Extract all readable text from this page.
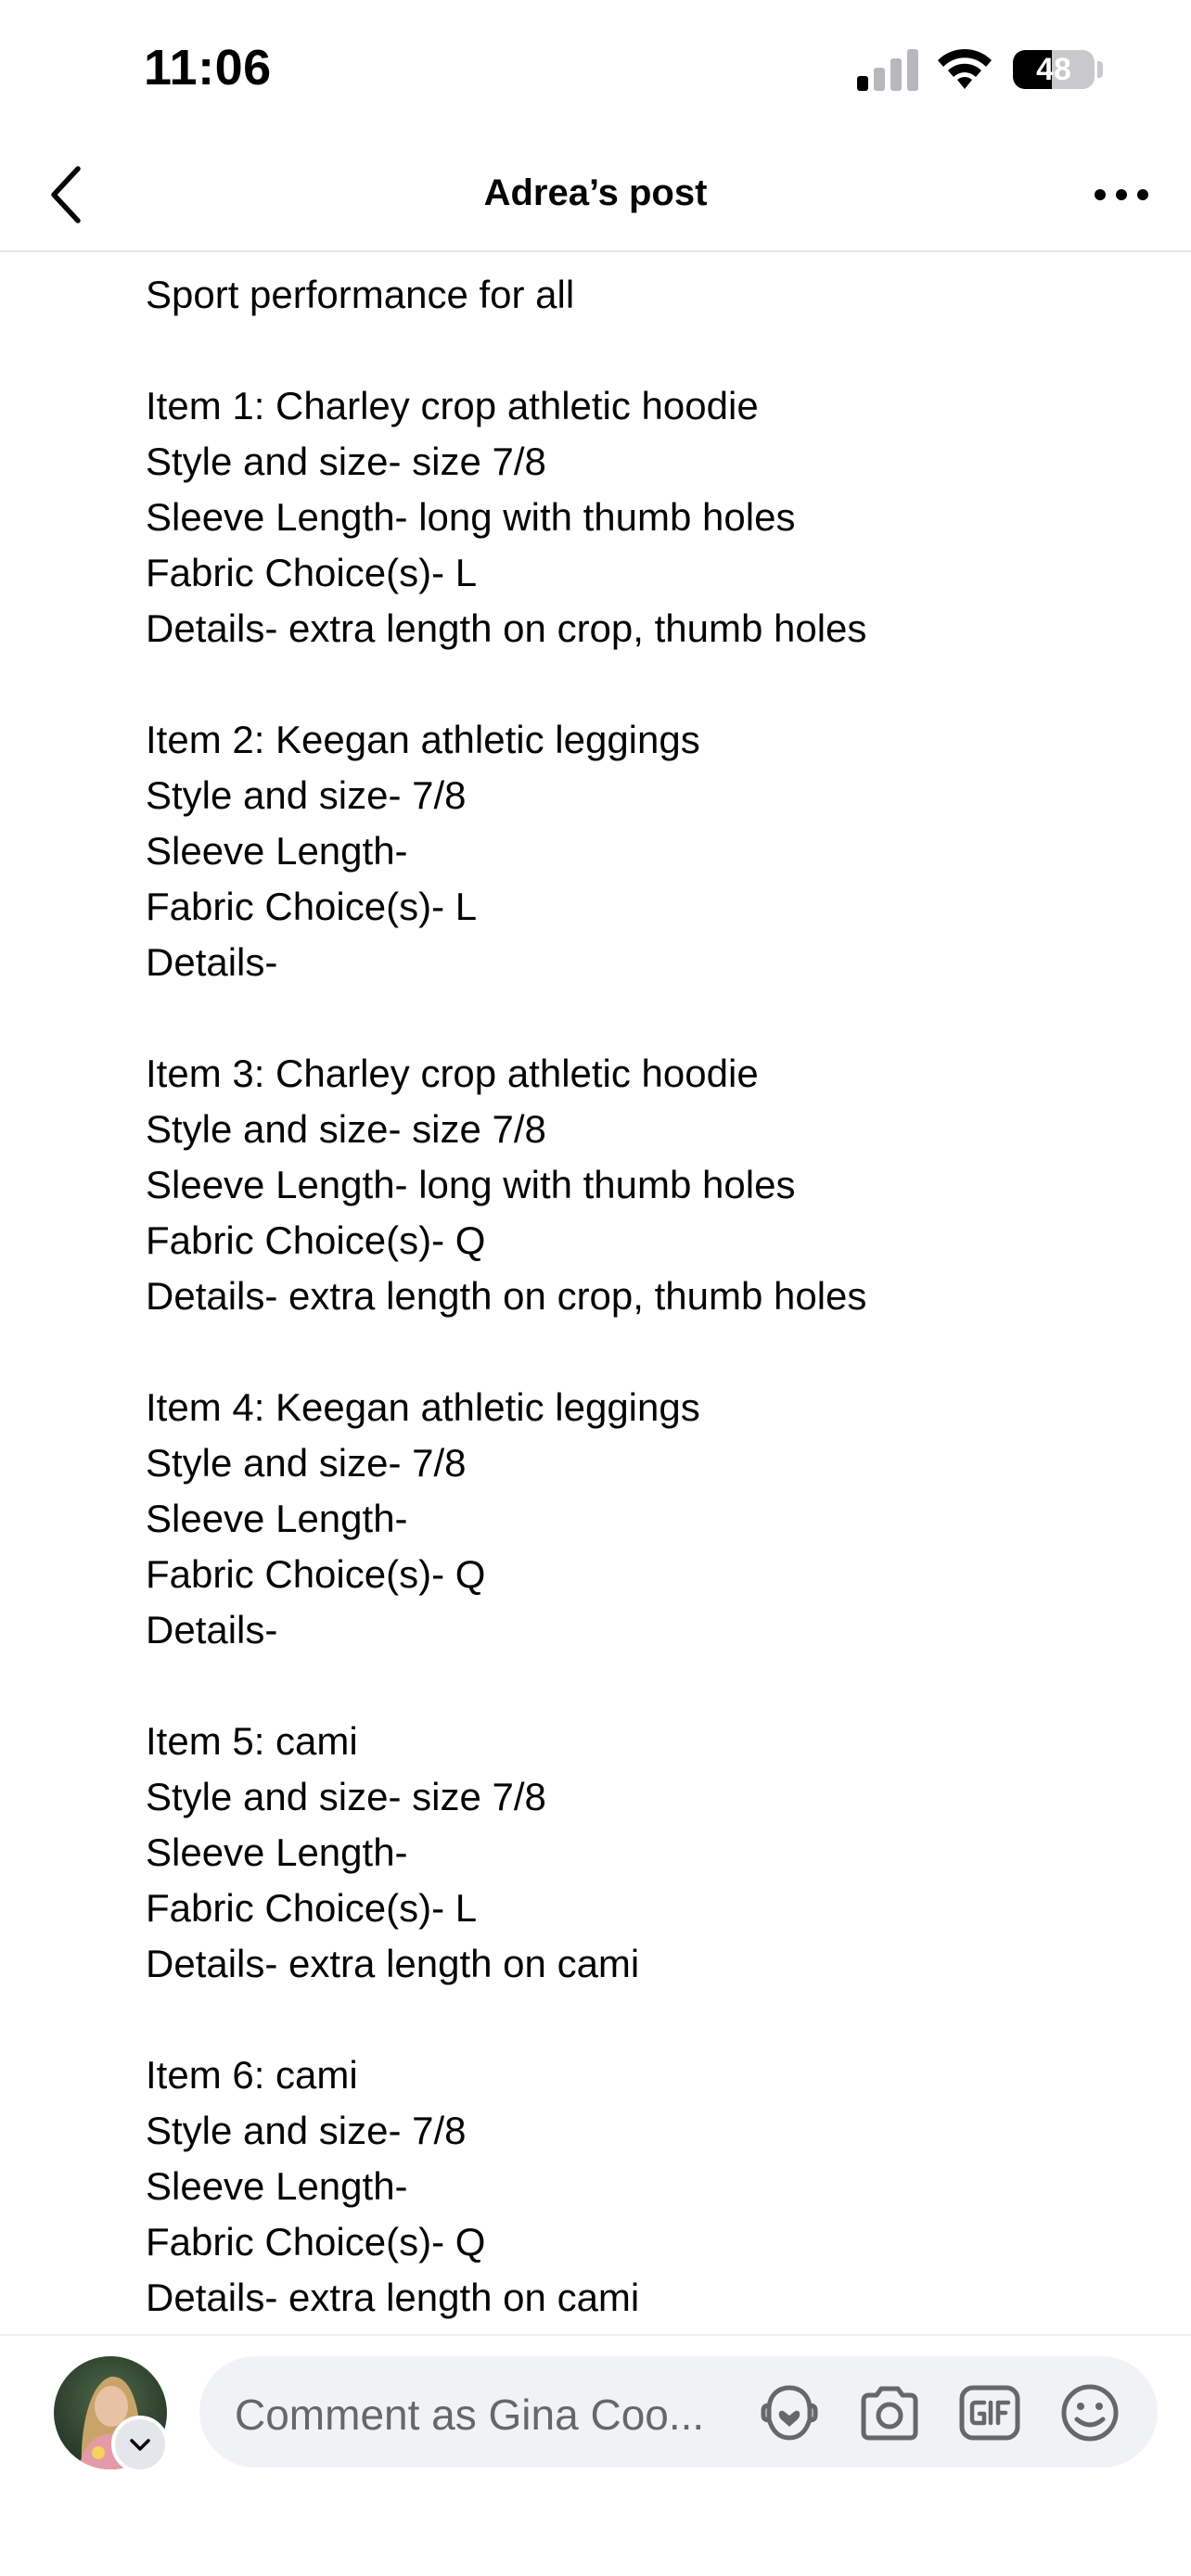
11:06	48
Adrea’s post
Sport performance for all
Item 1: Charley crop athletic hoodie
Style and size- size 7/8
Sleeve Length- long with thumb holes
Fabric Choice(s)- L
Details- extra length on crop, thumb holes
Item 2: Keegan athletic leggings
Style and size- 7/8
Sleeve Length-
Fabric Choice(s)- L
Details-
Item 3: Charley crop athletic hoodie
Style and size- size 7/8
Sleeve Length- long with thumb holes
Fabric Choice(s)- Q
Details- extra length on crop, thumb holes
Item 4: Keegan athletic leggings
Style and size- 7/8
Sleeve Length-
Fabric Choice(s)- Q
Details-
Item 5: cami
Style and size- size 7/8
Sleeve Length-
Fabric Choice(s)- L
Details- extra length on cami
Item 6: cami
Style and size- 7/8
Sleeve Length-
Fabric Choice(s)- Q
Details- extra length on cami
Comment as Gina Coo...
